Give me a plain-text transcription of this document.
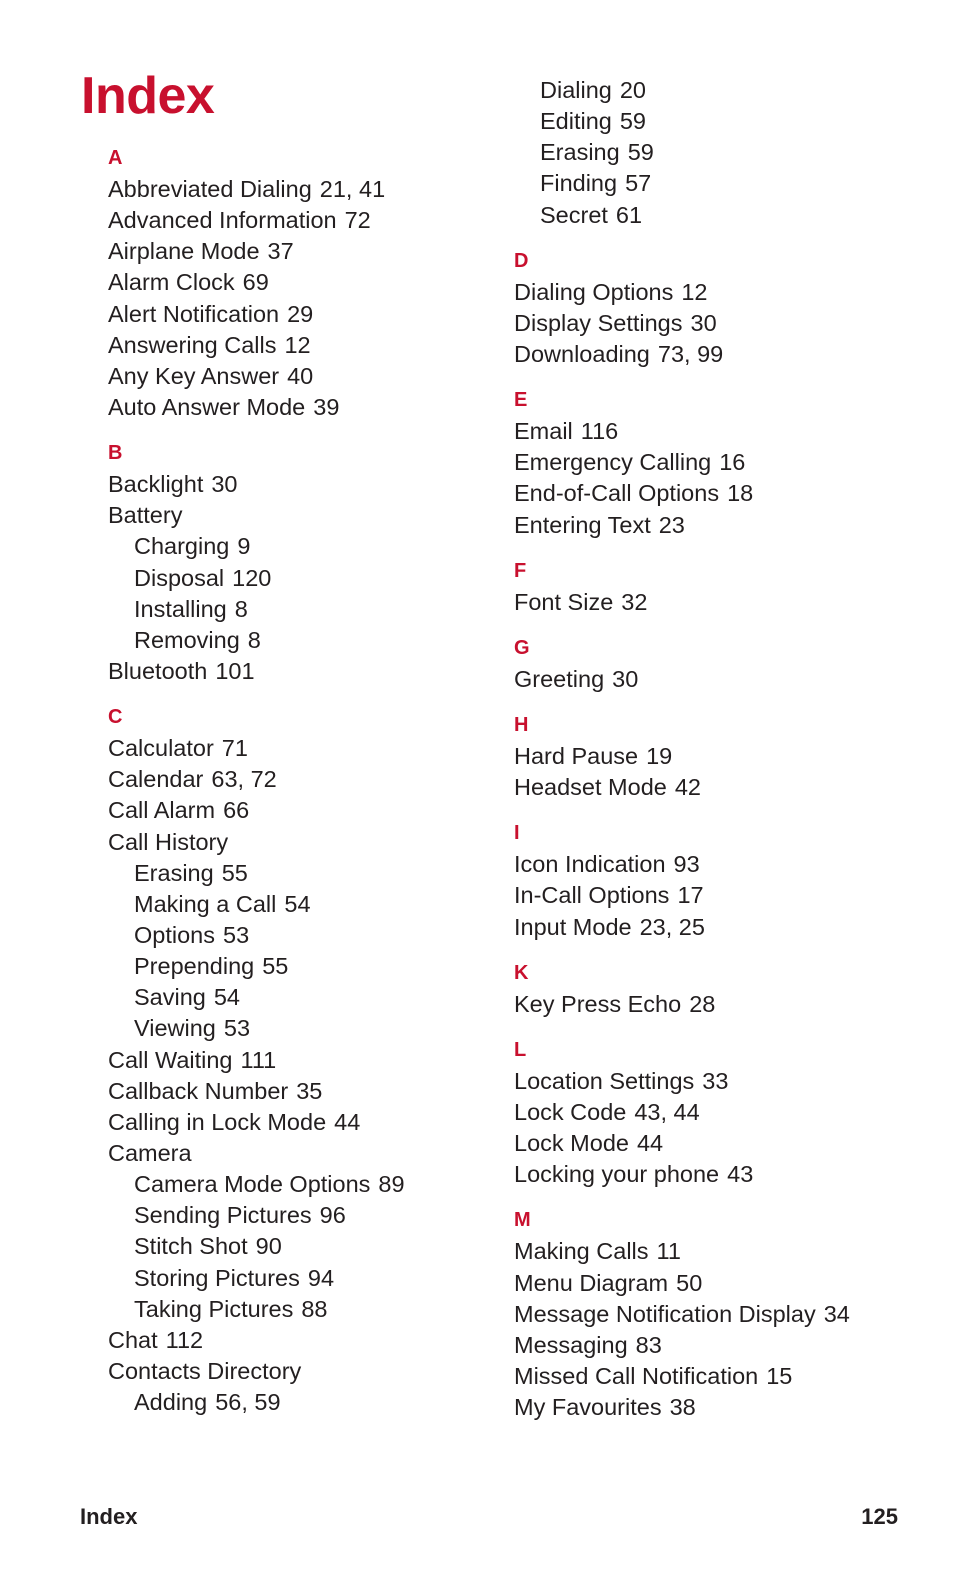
Index
A
Abbreviated Dialing 21, 41
Advanced Information 72
Airplane Mode 37
Alarm Clock 69
Alert Notification 29
Answering Calls 12
Any Key Answer 40
Auto Answer Mode 39
B
Backlight 30
Battery
Charging 9
Disposal 120
Installing 8
Removing 8
Bluetooth 101
C
Calculator 71
Calendar 63, 72
Call Alarm 66
Call History
Erasing 55
Making a Call 54
Options 53
Prepending 55
Saving 54
Viewing 53
Call Waiting 111
Callback Number 35
Calling in Lock Mode 44
Camera
Camera Mode Options 89
Sending Pictures 96
Stitch Shot 90
Storing Pictures 94
Taking Pictures 88
Chat 112
Contacts Directory
Adding 56, 59
Dialing 20
Editing 59
Erasing 59
Finding 57
Secret 61
D
Dialing Options 12
Display Settings 30
Downloading 73, 99
E
Email 116
Emergency Calling 16
End-of-Call Options 18
Entering Text 23
F
Font Size 32
G
Greeting 30
H
Hard Pause 19
Headset Mode 42
I
Icon Indication 93
In-Call Options 17
Input Mode 23, 25
K
Key Press Echo 28
L
Location Settings 33
Lock Code 43, 44
Lock Mode 44
Locking your phone 43
M
Making Calls 11
Menu Diagram 50
Message Notification Display 34
Messaging 83
Missed Call Notification 15
My Favourites 38
Index	125
